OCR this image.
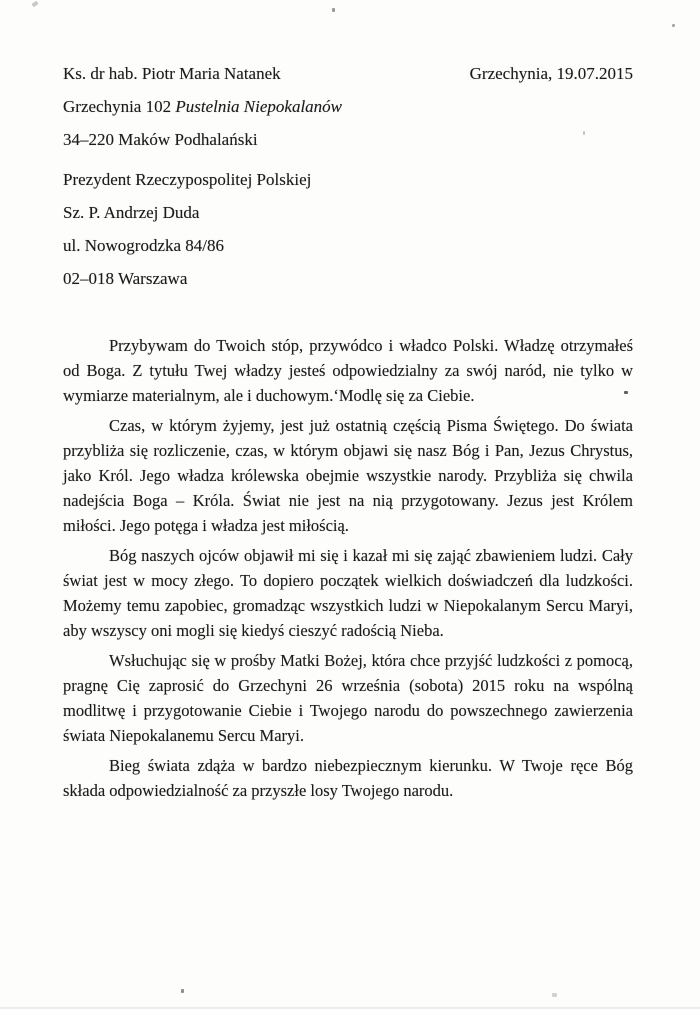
Ks. dr hab. Piotr Maria Natanek
Grzechynia 102 Pustelnia Niepokalanów
34–220 Maków Podhalański
Grzechynia, 19.07.2015
Prezydent Rzeczypospolitej Polskiej
Sz. P. Andrzej Duda
ul. Nowogrodzka 84/86
02–018 Warszawa

Przybywam do Twoich stóp, przywódco i władco Polski. Władzę otrzymałeś od Boga. Z tytułu Twej władzy jesteś odpowiedzialny za swój naród, nie tylko w wymiarze materialnym, ale i duchowym.‘Modlę się za Ciebie.

Czas, w którym żyjemy, jest już ostatnią częścią Pisma Świętego. Do świata przybliża się rozliczenie, czas, w którym objawi się nasz Bóg i Pan, Jezus Chrystus, jako Król. Jego władza królewska obejmie wszystkie narody. Przybliża się chwila nadejścia Boga – Króla. Świat nie jest na nią przygotowany. Jezus jest Królem miłości. Jego potęga i władza jest miłością.

Bóg naszych ojców objawił mi się i kazał mi się zająć zbawieniem ludzi. Cały świat jest w mocy złego. To dopiero początek wielkich doświadczeń dla ludzkości. Możemy temu zapobiec, gromadząc wszystkich ludzi w Niepokalanym Sercu Maryi, aby wszyscy oni mogli się kiedyś cieszyć radością Nieba.

Wsłuchując się w prośby Matki Bożej, która chce przyjść ludzkości z pomocą, pragnę Cię zaprosić do Grzechyni 26 września (sobota) 2015 roku na wspólną modlitwę i przygotowanie Ciebie i Twojego narodu do powszechnego zawierzenia świata Niepokalanemu Sercu Maryi.

Bieg świata zdąża w bardzo niebezpiecznym kierunku. W Twoje ręce Bóg składa odpowiedzialność za przyszłe losy Twojego narodu.
